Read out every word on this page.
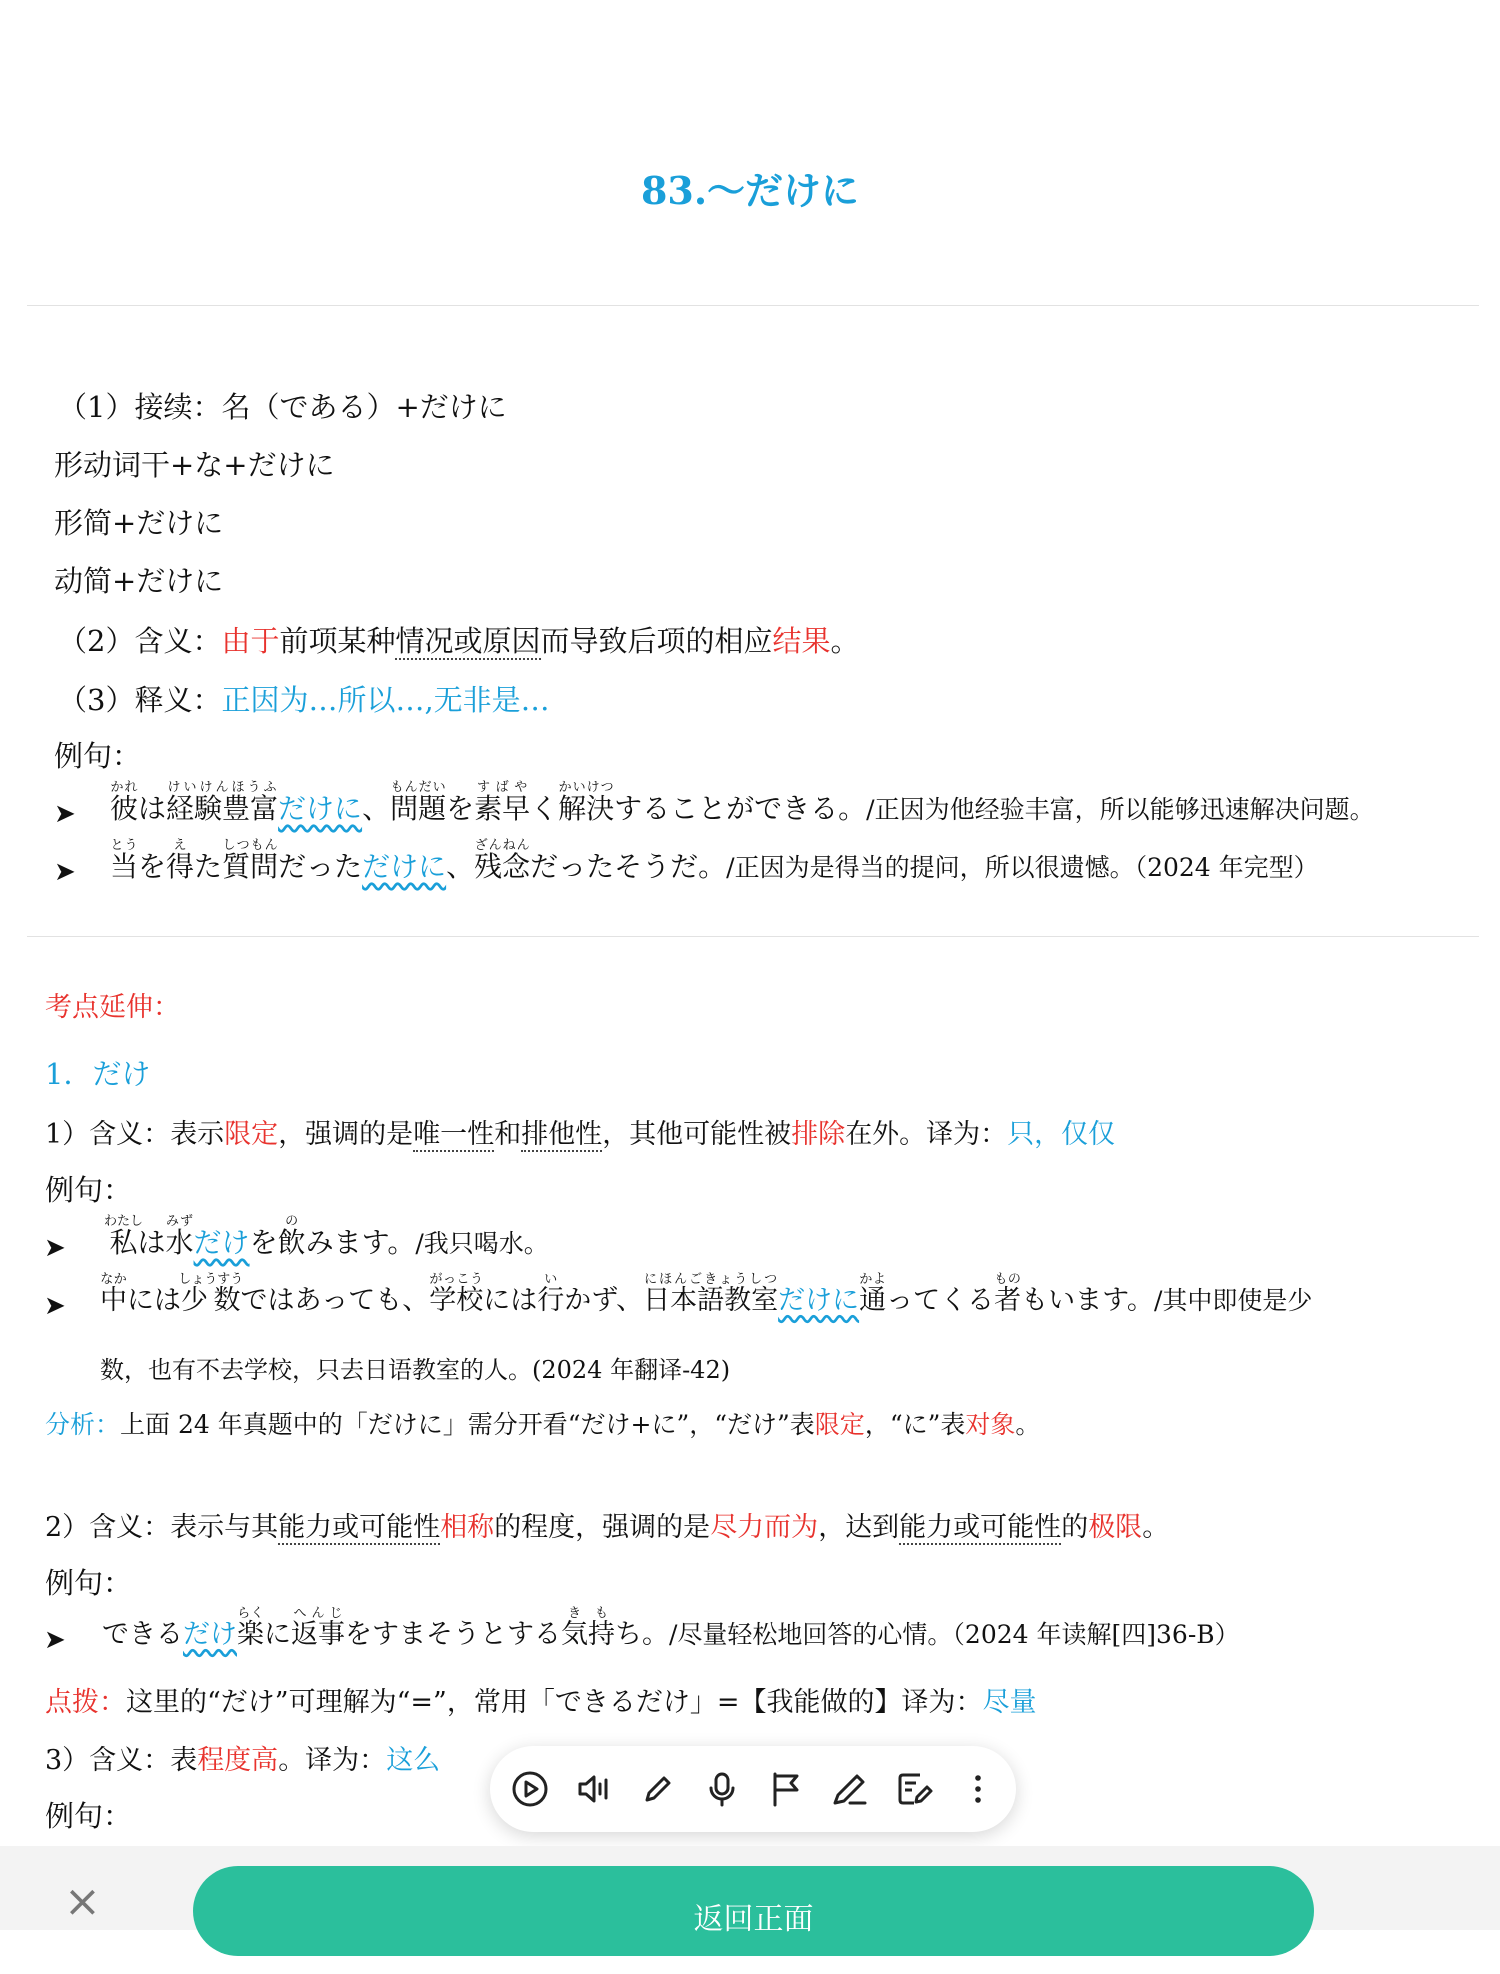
83.～だけに
（1）接续：名（である）+だけに
形动词干+な+だけに
形简+だけに
动简+だけに
（2）含义：由于前项某种情况或原因而导致后项的相应结果。
（3）释义：正因为…所以…,无非是…
例句：
➤ 彼かれは経験豊富けいけんほうふだけに、問題もんだいを素早すばやく解決かいけつすることができる。/正因为他经验丰富，所以能够迅速解决问题。
➤ 当とうを得えた質問しつもんだっただけに、残念ざんねんだったそうだ。/正因为是得当的提问，所以很遗憾。（2024 年完型）
考点延伸：
1．だけ
1）含义：表示限定，强调的是唯一性和排他性，其他可能性被排除在外。译为：只，仅仅
例句：
➤ 私わたしは水みずだけを飲のみます。/我只喝水。
➤ 中なかには少数しょうすうではあっても、学校がっこうには行いかず、日本語教室にほんごきょうしつだけに通かよってくる者ものもいます。/其中即使是少
数，也有不去学校，只去日语教室的人。(2024 年翻译-42)
分析：上面 24 年真题中的「だけに」需分开看“だけ+に”，“だけ”表限定，“に”表对象。
2）含义：表示与其能力或可能性相称的程度，强调的是尽力而为，达到能力或可能性的极限。
例句：
➤ できるだけ楽らくに返事へんじをすまそうとする気持きもち。/尽量轻松地回答的心情。（2024 年读解[四]36-B）
点拨：这里的“だけ”可理解为“=”，常用「できるだけ」=【我能做的】译为：尽量
3）含义：表程度高。译为：这么
例句：
×	返回正面
